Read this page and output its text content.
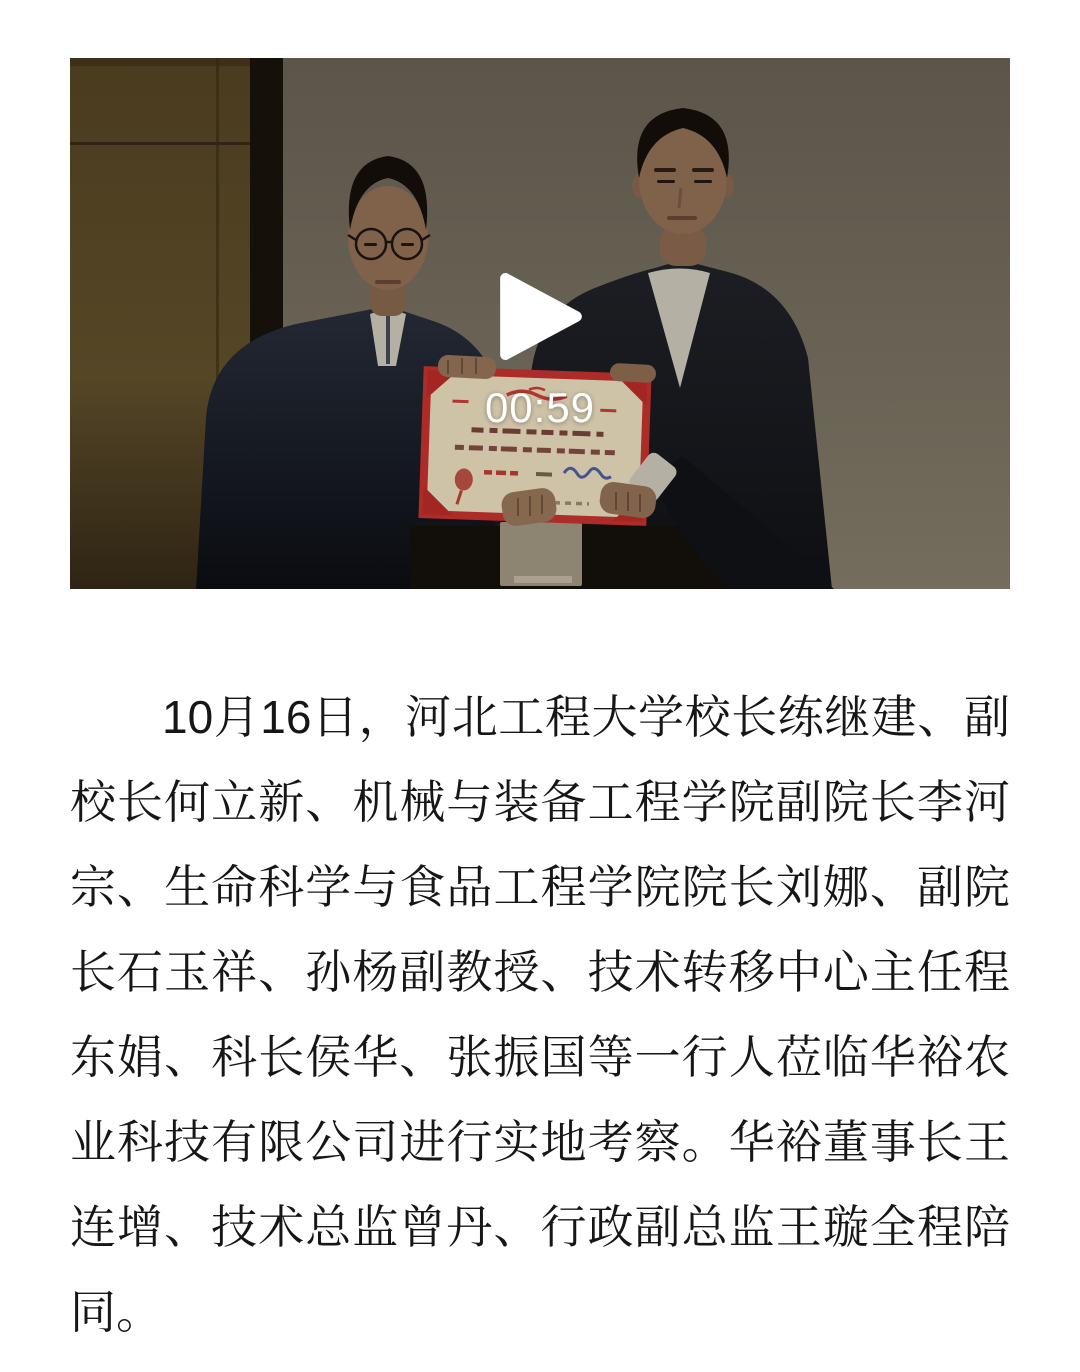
00:59
10月16日，河北工程大学校长练继建、副
校长何立新、机械与装备工程学院副院长李河
宗、生命科学与食品工程学院院长刘娜、副院
长石玉祥、孙杨副教授、技术转移中心主任程
东娟、科长侯华、张振国等一行人莅临华裕农
业科技有限公司进行实地考察。华裕董事长王
连增、技术总监曾丹、行政副总监王璇全程陪
同。
